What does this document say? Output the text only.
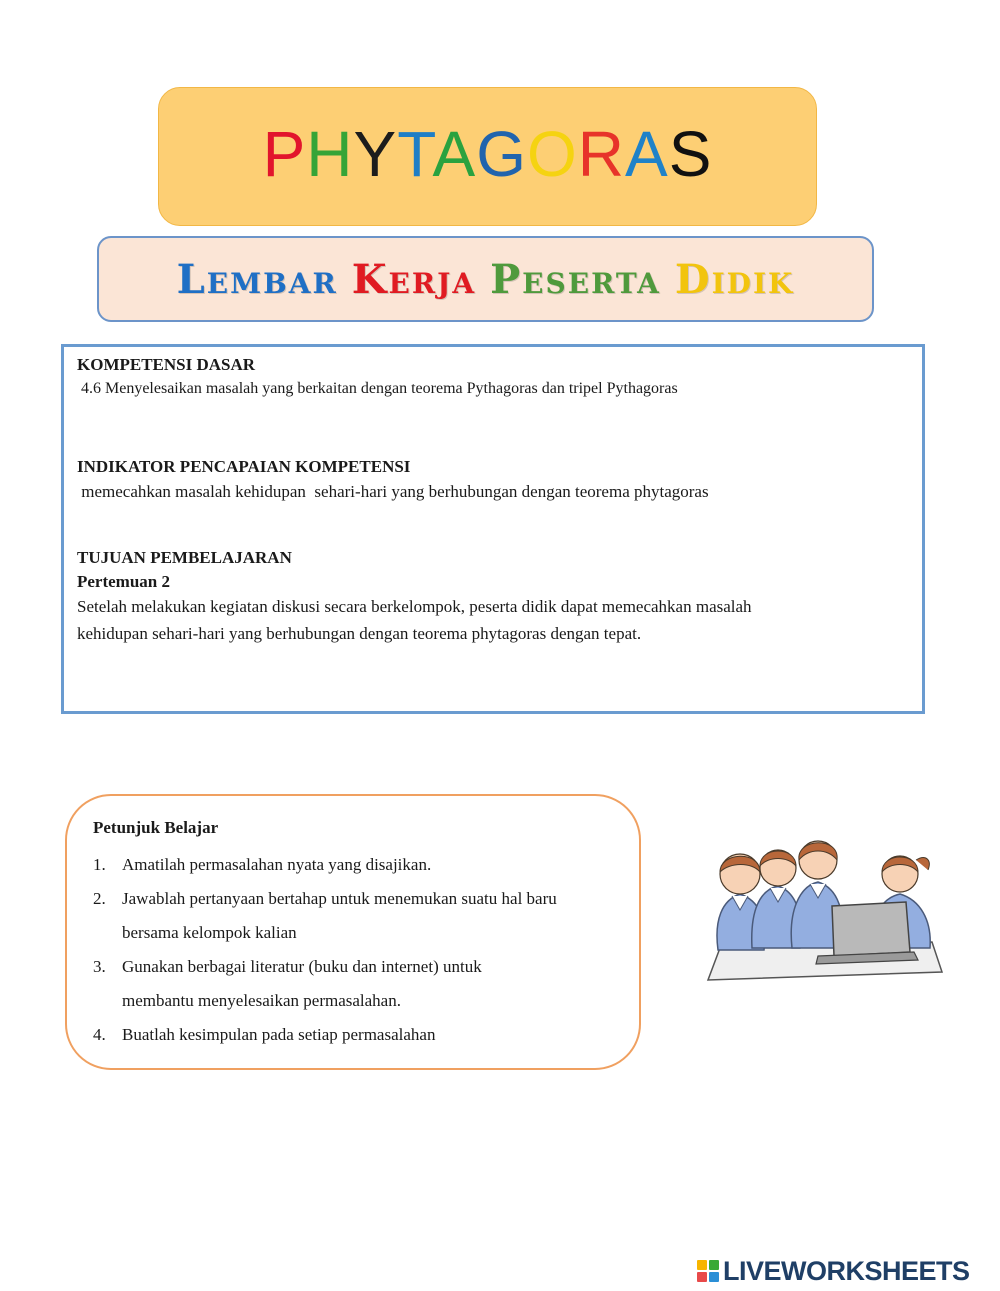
PHYTAGORAS
Lembar Kerja Peserta Didik
KOMPETENSI DASAR
4.6 Menyelesaikan masalah yang berkaitan dengan teorema Pythagoras dan tripel Pythagoras
INDIKATOR PENCAPAIAN KOMPETENSI
memecahkan masalah kehidupan  sehari-hari yang berhubungan dengan teorema phytagoras
TUJUAN PEMBELAJARAN
Pertemuan 2
Setelah melakukan kegiatan diskusi secara berkelompok, peserta didik dapat memecahkan masalah
kehidupan sehari-hari yang berhubungan dengan teorema phytagoras dengan tepat.
Petunjuk Belajar
1. Amatilah permasalahan nyata yang disajikan.
2. Jawablah pertanyaan bertahap untuk menemukan suatu hal baru bersama kelompok kalian
3. Gunakan berbagai literatur (buku dan internet) untuk membantu menyelesaikan permasalahan.
4. Buatlah kesimpulan pada setiap permasalahan
LIVEWORKSHEETS
